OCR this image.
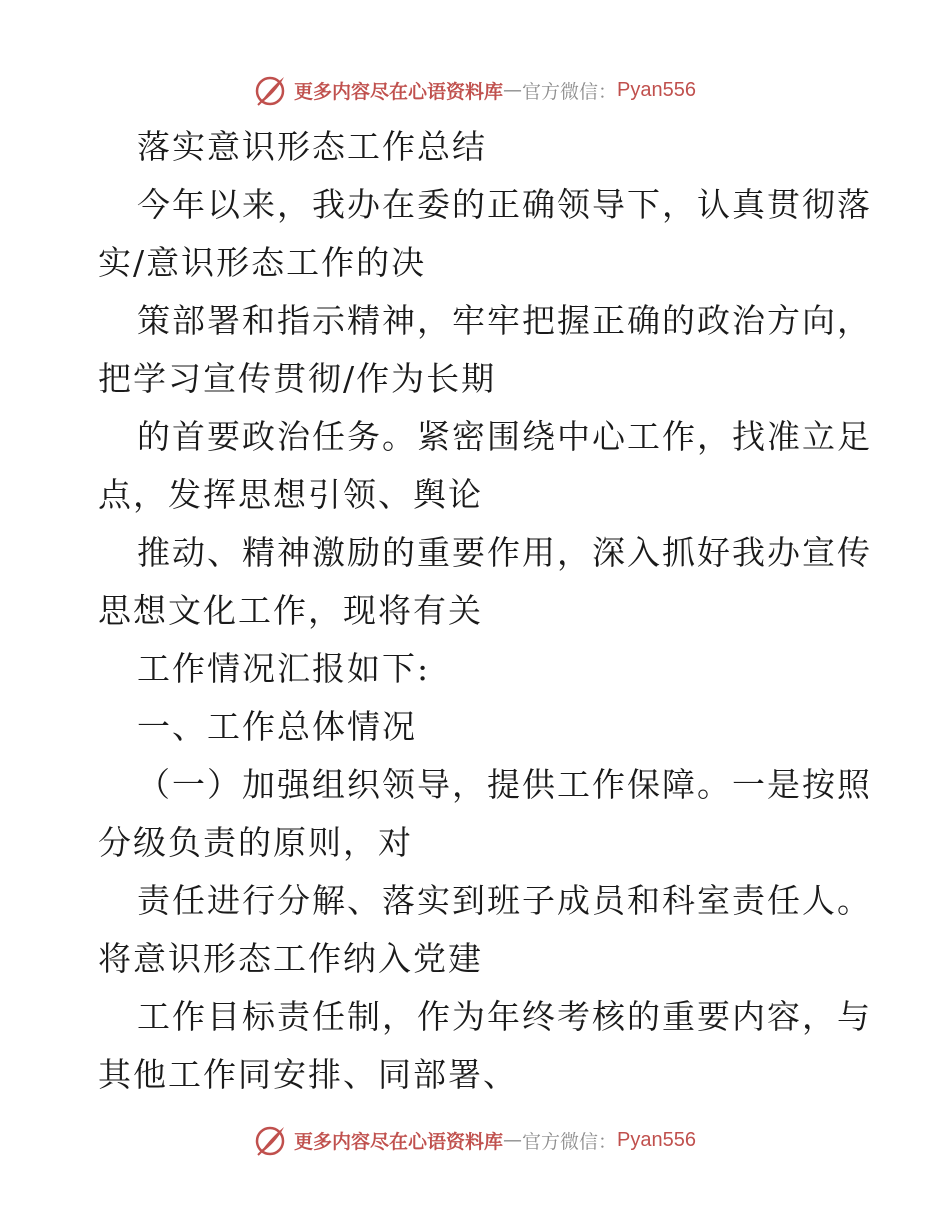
更多内容尽在心语资料库 — 官方微信： Pyan556
落实意识形态工作总结
今年以来，我办在委的正确领导下，认真贯彻落
实/意识形态工作的决
策部署和指示精神，牢牢把握正确的政治方向，
把学习宣传贯彻/作为长期
的首要政治任务。紧密围绕中心工作，找准立足
点，发挥思想引领、舆论
推动、精神激励的重要作用，深入抓好我办宣传
思想文化工作，现将有关
工作情况汇报如下:
一、工作总体情况
（一）加强组织领导，提供工作保障。一是按照
分级负责的原则，对
责任进行分解、落实到班子成员和科室责任人。
将意识形态工作纳入党建
工作目标责任制，作为年终考核的重要内容，与
其他工作同安排、同部署、
更多内容尽在心语资料库 — 官方微信： Pyan556
